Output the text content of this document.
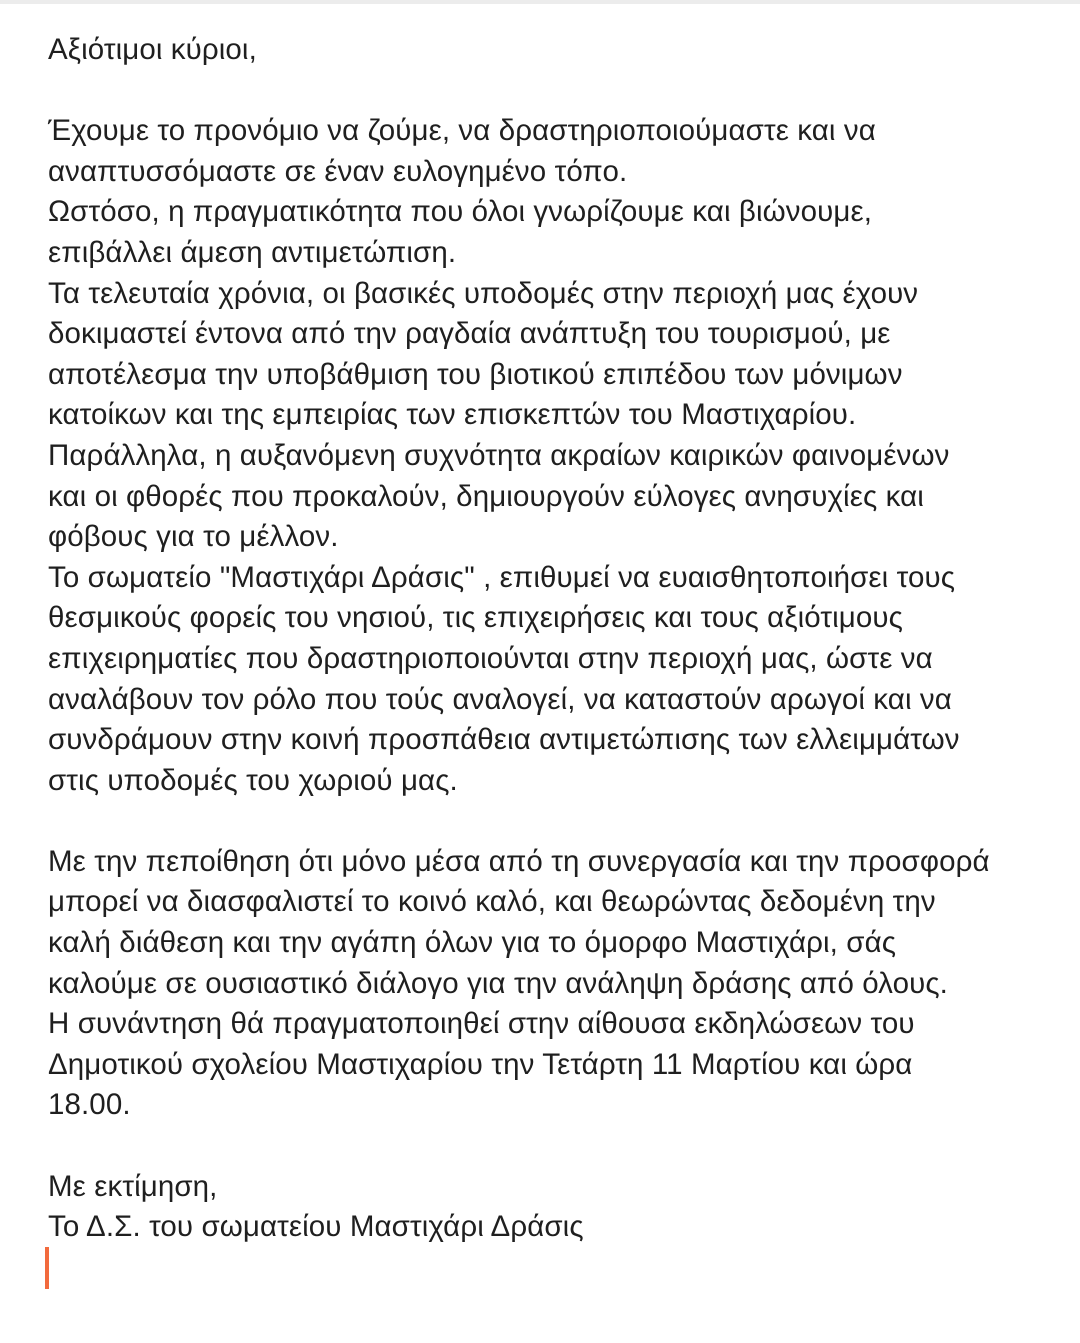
Αξιότιμοι κύριοι,
Έχουμε το προνόμιο να ζούμε, να δραστηριοποιούμαστε και να
αναπτυσσόμαστε σε έναν ευλογημένο τόπο.
Ωστόσο, η πραγματικότητα που όλοι γνωρίζουμε και βιώνουμε,
επιβάλλει άμεση αντιμετώπιση.
Τα τελευταία χρόνια, οι βασικές υποδομές στην περιοχή μας έχουν
δοκιμαστεί έντονα από την ραγδαία ανάπτυξη του τουρισμού, με
αποτέλεσμα την υποβάθμιση του βιοτικού επιπέδου των μόνιμων
κατοίκων και της εμπειρίας των επισκεπτών του Μαστιχαρίου.
Παράλληλα, η αυξανόμενη συχνότητα ακραίων καιρικών φαινομένων
και οι φθορές που προκαλούν, δημιουργούν εύλογες ανησυχίες και
φόβους για το μέλλον.
Το σωματείο "Μαστιχάρι Δράσις" , επιθυμεί να ευαισθητοποιήσει τους
θεσμικούς φορείς του νησιού, τις επιχειρήσεις και τους αξιότιμους
επιχειρηματίες που δραστηριοποιούνται στην περιοχή μας, ώστε να
αναλάβουν τον ρόλο που τούς αναλογεί, να καταστούν αρωγοί και να
συνδράμουν στην κοινή προσπάθεια αντιμετώπισης των ελλειμμάτων
στις υποδομές του χωριού μας.
Με την πεποίθηση ότι μόνο μέσα από τη συνεργασία και την προσφορά
μπορεί να διασφαλιστεί το κοινό καλό, και θεωρώντας δεδομένη την
καλή διάθεση και την αγάπη όλων για το όμορφο Μαστιχάρι, σάς
καλούμε σε ουσιαστικό διάλογο για την ανάληψη δράσης από όλους.
Η συνάντηση θά πραγματοποιηθεί στην αίθουσα εκδηλώσεων του
Δημοτικού σχολείου Μαστιχαρίου την Τετάρτη 11 Μαρτίου και ώρα
18.00.
Με εκτίμηση,
Το Δ.Σ. του σωματείου Μαστιχάρι Δράσις
